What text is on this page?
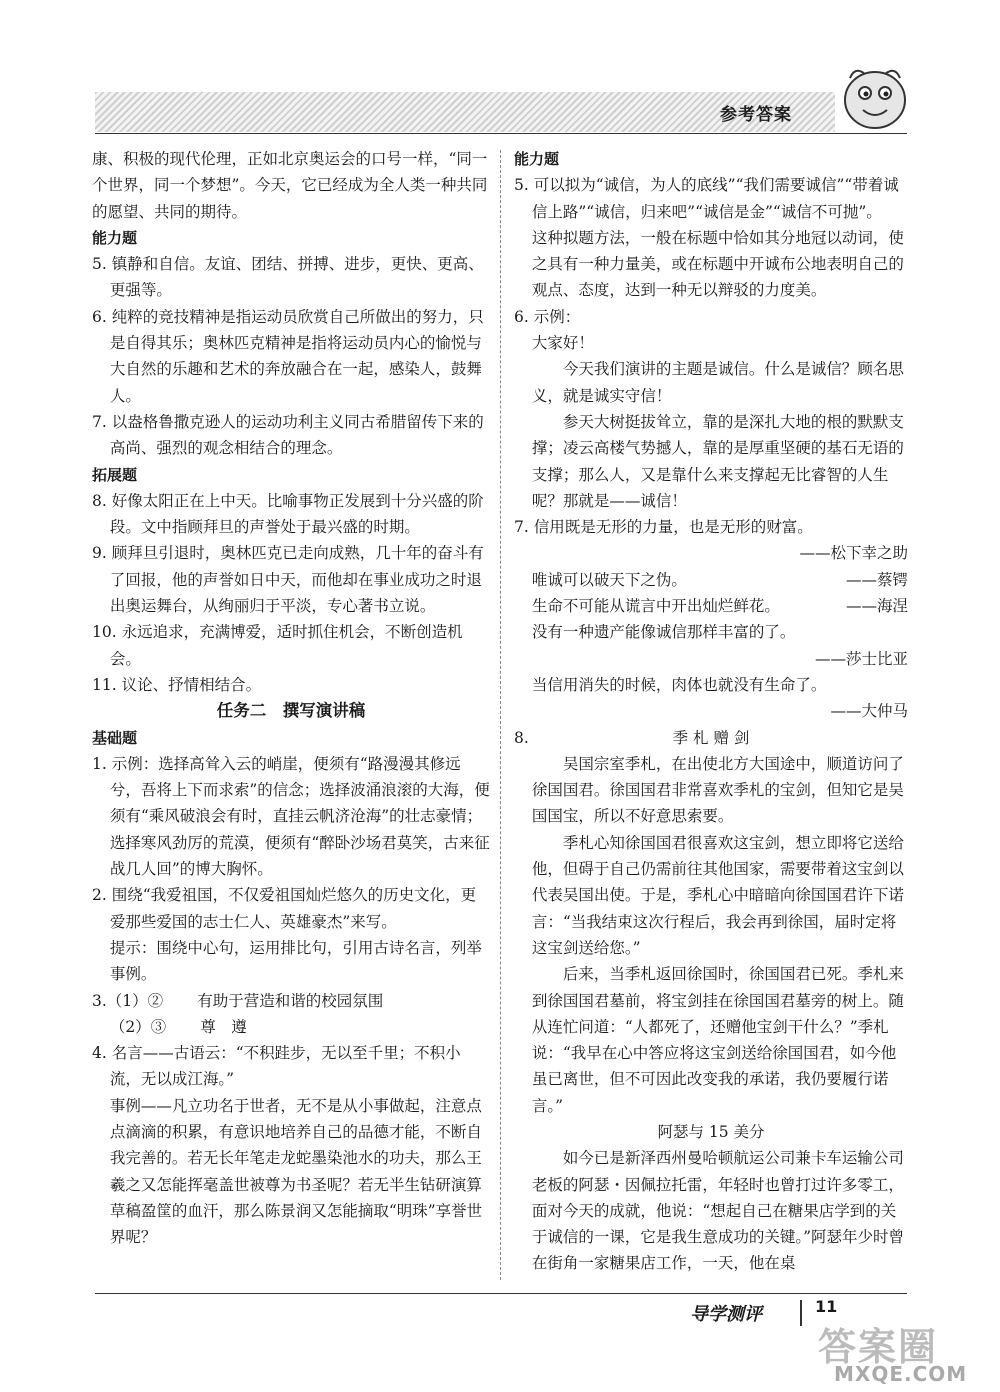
参考答案

康、积极的现代伦理，正如北京奥运会的口号一样，“同一个世界，同一个梦想”。今天，它已经成为全人类一种共同的愿望、共同的期待。

能力题

5. 镇静和自信。友谊、团结、拼搏、进步，更快、更高、更强等。

6. 纯粹的竞技精神是指运动员欣赏自己所做出的努力，只是自得其乐；奥林匹克精神是指将运动员内心的愉悦与大自然的乐趣和艺术的奔放融合在一起，感染人，鼓舞人。

7. 以盎格鲁撒克逊人的运动功利主义同古希腊留传下来的高尚、强烈的观念相结合的理念。

拓展题

8. 好像太阳正在上中天。比喻事物正发展到十分兴盛的阶段。文中指顾拜旦的声誉处于最兴盛的时期。

9. 顾拜旦引退时，奥林匹克已走向成熟，几十年的奋斗有了回报，他的声誉如日中天，而他却在事业成功之时退出奥运舞台，从绚丽归于平淡，专心著书立说。

10. 永远追求，充满博爱，适时抓住机会，不断创造机会。

11. 议论、抒情相结合。

任务二　撰写演讲稿

基础题

1. 示例：选择高耸入云的峭崖，便须有“路漫漫其修远兮，吾将上下而求索”的信念；选择波涌浪滚的大海，便须有“乘风破浪会有时，直挂云帆济沧海”的壮志豪情；选择寒风劲厉的荒漠，便须有“醉卧沙场君莫笑，古来征战几人回”的博大胸怀。

2. 围绕“我爱祖国，不仅爱祖国灿烂悠久的历史文化，更爱那些爱国的志士仁人、英雄豪杰”来写。

提示：围绕中心句，运用排比句，引用古诗名言，列举事例。

3.（1）② 有助于营造和谐的校园氛围

（2）③ 尊　遵

4. 名言——古语云：“不积跬步，无以至千里；不积小流，无以成江海。”

事例——凡立功名于世者，无不是从小事做起，注意点点滴滴的积累，有意识地培养自己的品德才能，不断自我完善的。若无长年笔走龙蛇墨染池水的功夫，那么王羲之又怎能挥毫盖世被尊为书圣呢？若无半生钻研演算草稿盈筐的血汗，那么陈景润又怎能摘取“明珠”享誉世界呢？

能力题

5. 可以拟为“诚信，为人的底线”“我们需要诚信”“带着诚信上路”“诚信，归来吧”“诚信是金”“诚信不可抛”。

这种拟题方法，一般在标题中恰如其分地冠以动词，使之具有一种力量美，或在标题中开诚布公地表明自己的观点、态度，达到一种无以辩驳的力度美。

6. 示例：

大家好！

今天我们演讲的主题是诚信。什么是诚信？顾名思义，就是诚实守信！

参天大树挺拔耸立，靠的是深扎大地的根的默默支撑；凌云高楼气势撼人，靠的是厚重坚硬的基石无语的支撑；那么人，又是靠什么来支撑起无比睿智的人生呢？那就是——诚信！

7. 信用既是无形的力量，也是无形的财富。

——松下幸之助

唯诚可以破天下之伪。	——蔡锷

生命不可能从谎言中开出灿烂鲜花。	——海涅

没有一种遗产能像诚信那样丰富的了。

——莎士比亚

当信用消失的时候，肉体也就没有生命了。

——大仲马

8.	季 札 赠 剑

吴国宗室季札，在出使北方大国途中，顺道访问了徐国国君。徐国国君非常喜欢季札的宝剑，但知它是吴国国宝，所以不好意思索要。

季札心知徐国国君很喜欢这宝剑，想立即将它送给他，但碍于自己仍需前往其他国家，需要带着这宝剑以代表吴国出使。于是，季札心中暗暗向徐国国君许下诺言：“当我结束这次行程后，我会再到徐国，届时定将这宝剑送给您。”

后来，当季札返回徐国时，徐国国君已死。季札来到徐国国君墓前，将宝剑挂在徐国国君墓旁的树上。随从连忙问道：“人都死了，还赠他宝剑干什么？”季札说：“我早在心中答应将这宝剑送给徐国国君，如今他虽已离世，但不可因此改变我的承诺，我仍要履行诺言。”

阿瑟与 15 美分

如今已是新泽西州曼哈顿航运公司兼卡车运输公司老板的阿瑟・因佩拉托雷，年轻时也曾打过许多零工，面对今天的成就，他说：“想起自己在糖果店学到的关于诚信的一课，它是我生意成功的关键。”阿瑟年少时曾在街角一家糖果店工作，一天，他在桌

导学测评	11
答案圈
MXQE.COM
